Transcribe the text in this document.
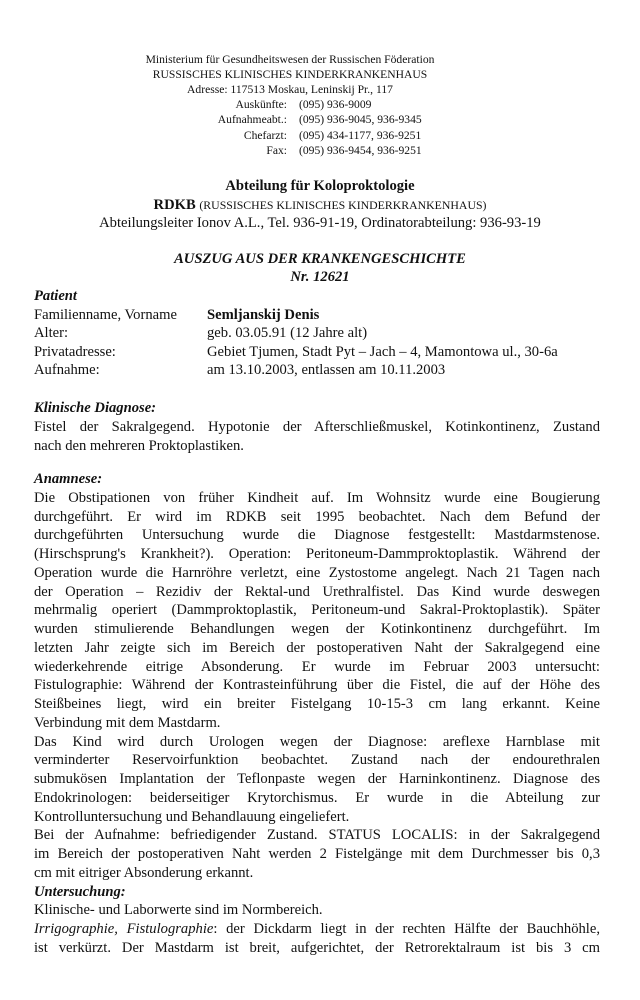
Ministerium für Gesundheitswesen der Russischen Föderation
RUSSISCHES KLINISCHES KINDERKRANKENHAUS
Adresse: 117513 Moskau, Leninskij Pr., 117
Auskünfte:	(095) 936-9009
Aufnahmeabt.:	(095) 936-9045, 936-9345
Chefarzt:	(095) 434-1177, 936-9251
Fax:	(095) 936-9454, 936-9251
Abteilung für Koloproktologie
RDKB (RUSSISCHES KLINISCHES KINDERKRANKENHAUS)
Abteilungsleiter Ionov A.L., Tel. 936-91-19, Ordinatorabteilung: 936-93-19
AUSZUG AUS DER KRANKENGESCHICHTE
Nr. 12621
Patient
Familienname, Vorname	Semljanskij Denis
Alter:	geb. 03.05.91 (12 Jahre alt)
Privatadresse:	Gebiet Tjumen, Stadt Pyt – Jach – 4, Mamontowa ul., 30-6a
Aufnahme:	am 13.10.2003, entlassen am 10.11.2003
Klinische Diagnose:
Fistel der Sakralgegend. Hypotonie der Afterschließmuskel, Kotinkontinenz, Zustand
nach den mehreren Proktoplastiken.
Anamnese:
Die Obstipationen von früher Kindheit auf. Im Wohnsitz wurde eine Bougierung
durchgeführt. Er wird im RDKB seit 1995 beobachtet. Nach dem Befund der
durchgeführten Untersuchung wurde die Diagnose festgestellt: Mastdarmstenose.
(Hirschsprung's Krankheit?). Operation: Peritoneum-Dammproktoplastik. Während der
Operation wurde die Harnröhre verletzt, eine Zystostome angelegt. Nach 21 Tagen nach
der Operation – Rezidiv der Rektal-und Urethralfistel. Das Kind wurde deswegen
mehrmalig operiert (Dammproktoplastik, Peritoneum-und Sakral-Proktoplastik). Später
wurden stimulierende Behandlungen wegen der Kotinkontinenz durchgeführt. Im
letzten Jahr zeigte sich im Bereich der postoperativen Naht der Sakralgegend eine
wiederkehrende eitrige Absonderung. Er wurde im Februar 2003 untersucht:
Fistulographie: Während der Kontrasteinführung über die Fistel, die auf der Höhe des
Steißbeines liegt, wird ein breiter Fistelgang 10-15-3 cm lang erkannt. Keine
Verbindung mit dem Mastdarm.
Das Kind wird durch Urologen wegen der Diagnose: areflexe Harnblase mit
verminderter Reservoirfunktion beobachtet. Zustand nach der endourethralen
submukösen Implantation der Teflonpaste wegen der Harninkontinenz. Diagnose des
Endokrinologen: beiderseitiger Krytorchismus. Er wurde in die Abteilung zur
Kontrolluntersuchung und Behandlauung eingeliefert.
Bei der Aufnahme: befriedigender Zustand. STATUS LOCALIS: in der Sakralgegend
im Bereich der postoperativen Naht werden 2 Fistelgänge mit dem Durchmesser bis 0,3
cm mit eitriger Absonderung erkannt.
Untersuchung:
Klinische- und Laborwerte sind im Normbereich.
Irrigographie, Fistulographie: der Dickdarm liegt in der rechten Hälfte der Bauchhöhle,
ist verkürzt. Der Mastdarm ist breit, aufgerichtet, der Retrorektalraum ist bis 3 cm
